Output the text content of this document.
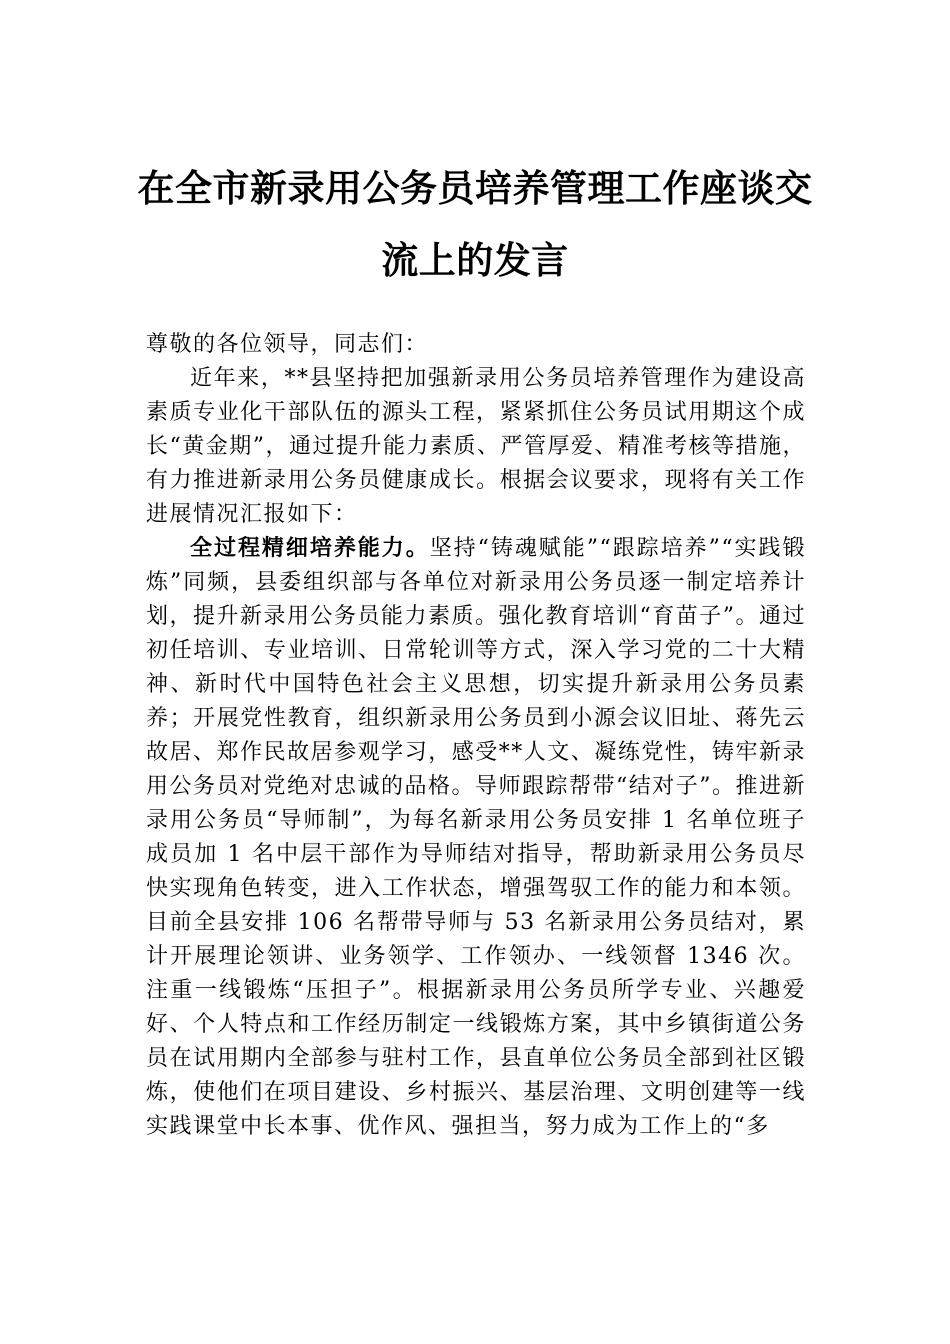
在全市新录用公务员培养管理工作座谈交
流上的发言

尊敬的各位领导，同志们：

近年来，**县坚持把加强新录用公务员培养管理作为建设高素质专业化干部队伍的源头工程，紧紧抓住公务员试用期这个成长“黄金期”，通过提升能力素质、严管厚爱、精准考核等措施，有力推进新录用公务员健康成长。根据会议要求，现将有关工作进展情况汇报如下：

全过程精细培养能力。坚持“铸魂赋能”“跟踪培养”“实践锻炼”同频，县委组织部与各单位对新录用公务员逐一制定培养计划，提升新录用公务员能力素质。强化教育培训“育苗子”。通过初任培训、专业培训、日常轮训等方式，深入学习党的二十大精神、新时代中国特色社会主义思想，切实提升新录用公务员素养；开展党性教育，组织新录用公务员到小源会议旧址、蒋先云故居、郑作民故居参观学习，感受**人文、凝练党性，铸牢新录用公务员对党绝对忠诚的品格。导师跟踪帮带“结对子”。推进新录用公务员“导师制”，为每名新录用公务员安排 1 名单位班子成员加 1 名中层干部作为导师结对指导，帮助新录用公务员尽快实现角色转变，进入工作状态，增强驾驭工作的能力和本领。目前全县安排 106 名帮带导师与 53 名新录用公务员结对，累计开展理论领讲、业务领学、工作领办、一线领督 1346 次。注重一线锻炼“压担子”。根据新录用公务员所学专业、兴趣爱好、个人特点和工作经历制定一线锻炼方案，其中乡镇街道公务员在试用期内全部参与驻村工作，县直单位公务员全部到社区锻炼，使他们在项目建设、乡村振兴、基层治理、文明创建等一线实践课堂中长本事、优作风、强担当，努力成为工作上的“多
